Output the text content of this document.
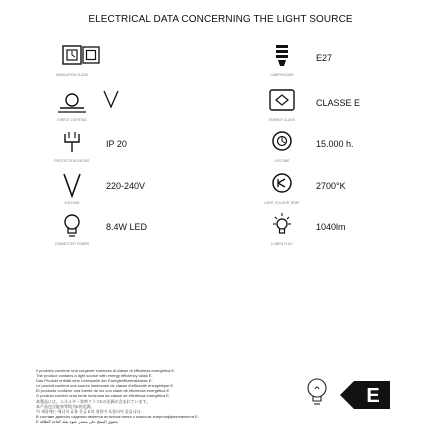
ELECTRICAL DATA CONCERNING THE LIGHT SOURCE
INSULATION CLASS
DIRECT LIGHTING
PROTECTION RATING
IP 20
VOLTAGE
220-240V
CONNECTED POWER
8.4W LED
LAMPHOLDER
E27
ENERGY CLASS
CLASSE E
LIFETIME
15.000 h.
LIGHT COLOUR TEMP.
2700°K
LUMEN FLUX
1040lm
Il prodotto contiene una sorgente luminosa di classe di efficienza energetica E.
The product contains a light source with energy efficiency class E.
Das Produkt enthält eine Lichtquelle der Energieeffizienzklasse E.
Le produit contient une source lumineuse de classe d'efficacité énergétique E.
El producto contiene una fuente de luz con clase de eficiencia energética E.
O produto contém uma fonte luminosa da classe de eficiência energética E.
本製品には、エネルギー効率クラスEの光源が含まれています。
本产品包含能效等级为E的光源。
이 제품에는 에너지 효율 등급 E의 광원이 포함되어 있습니다.
В составе данного изделия имеется источник света с классом энергоэффективности E.
E يحتوي المنتج على مصدر ضوء بفئة كفاءة الطاقة
E
